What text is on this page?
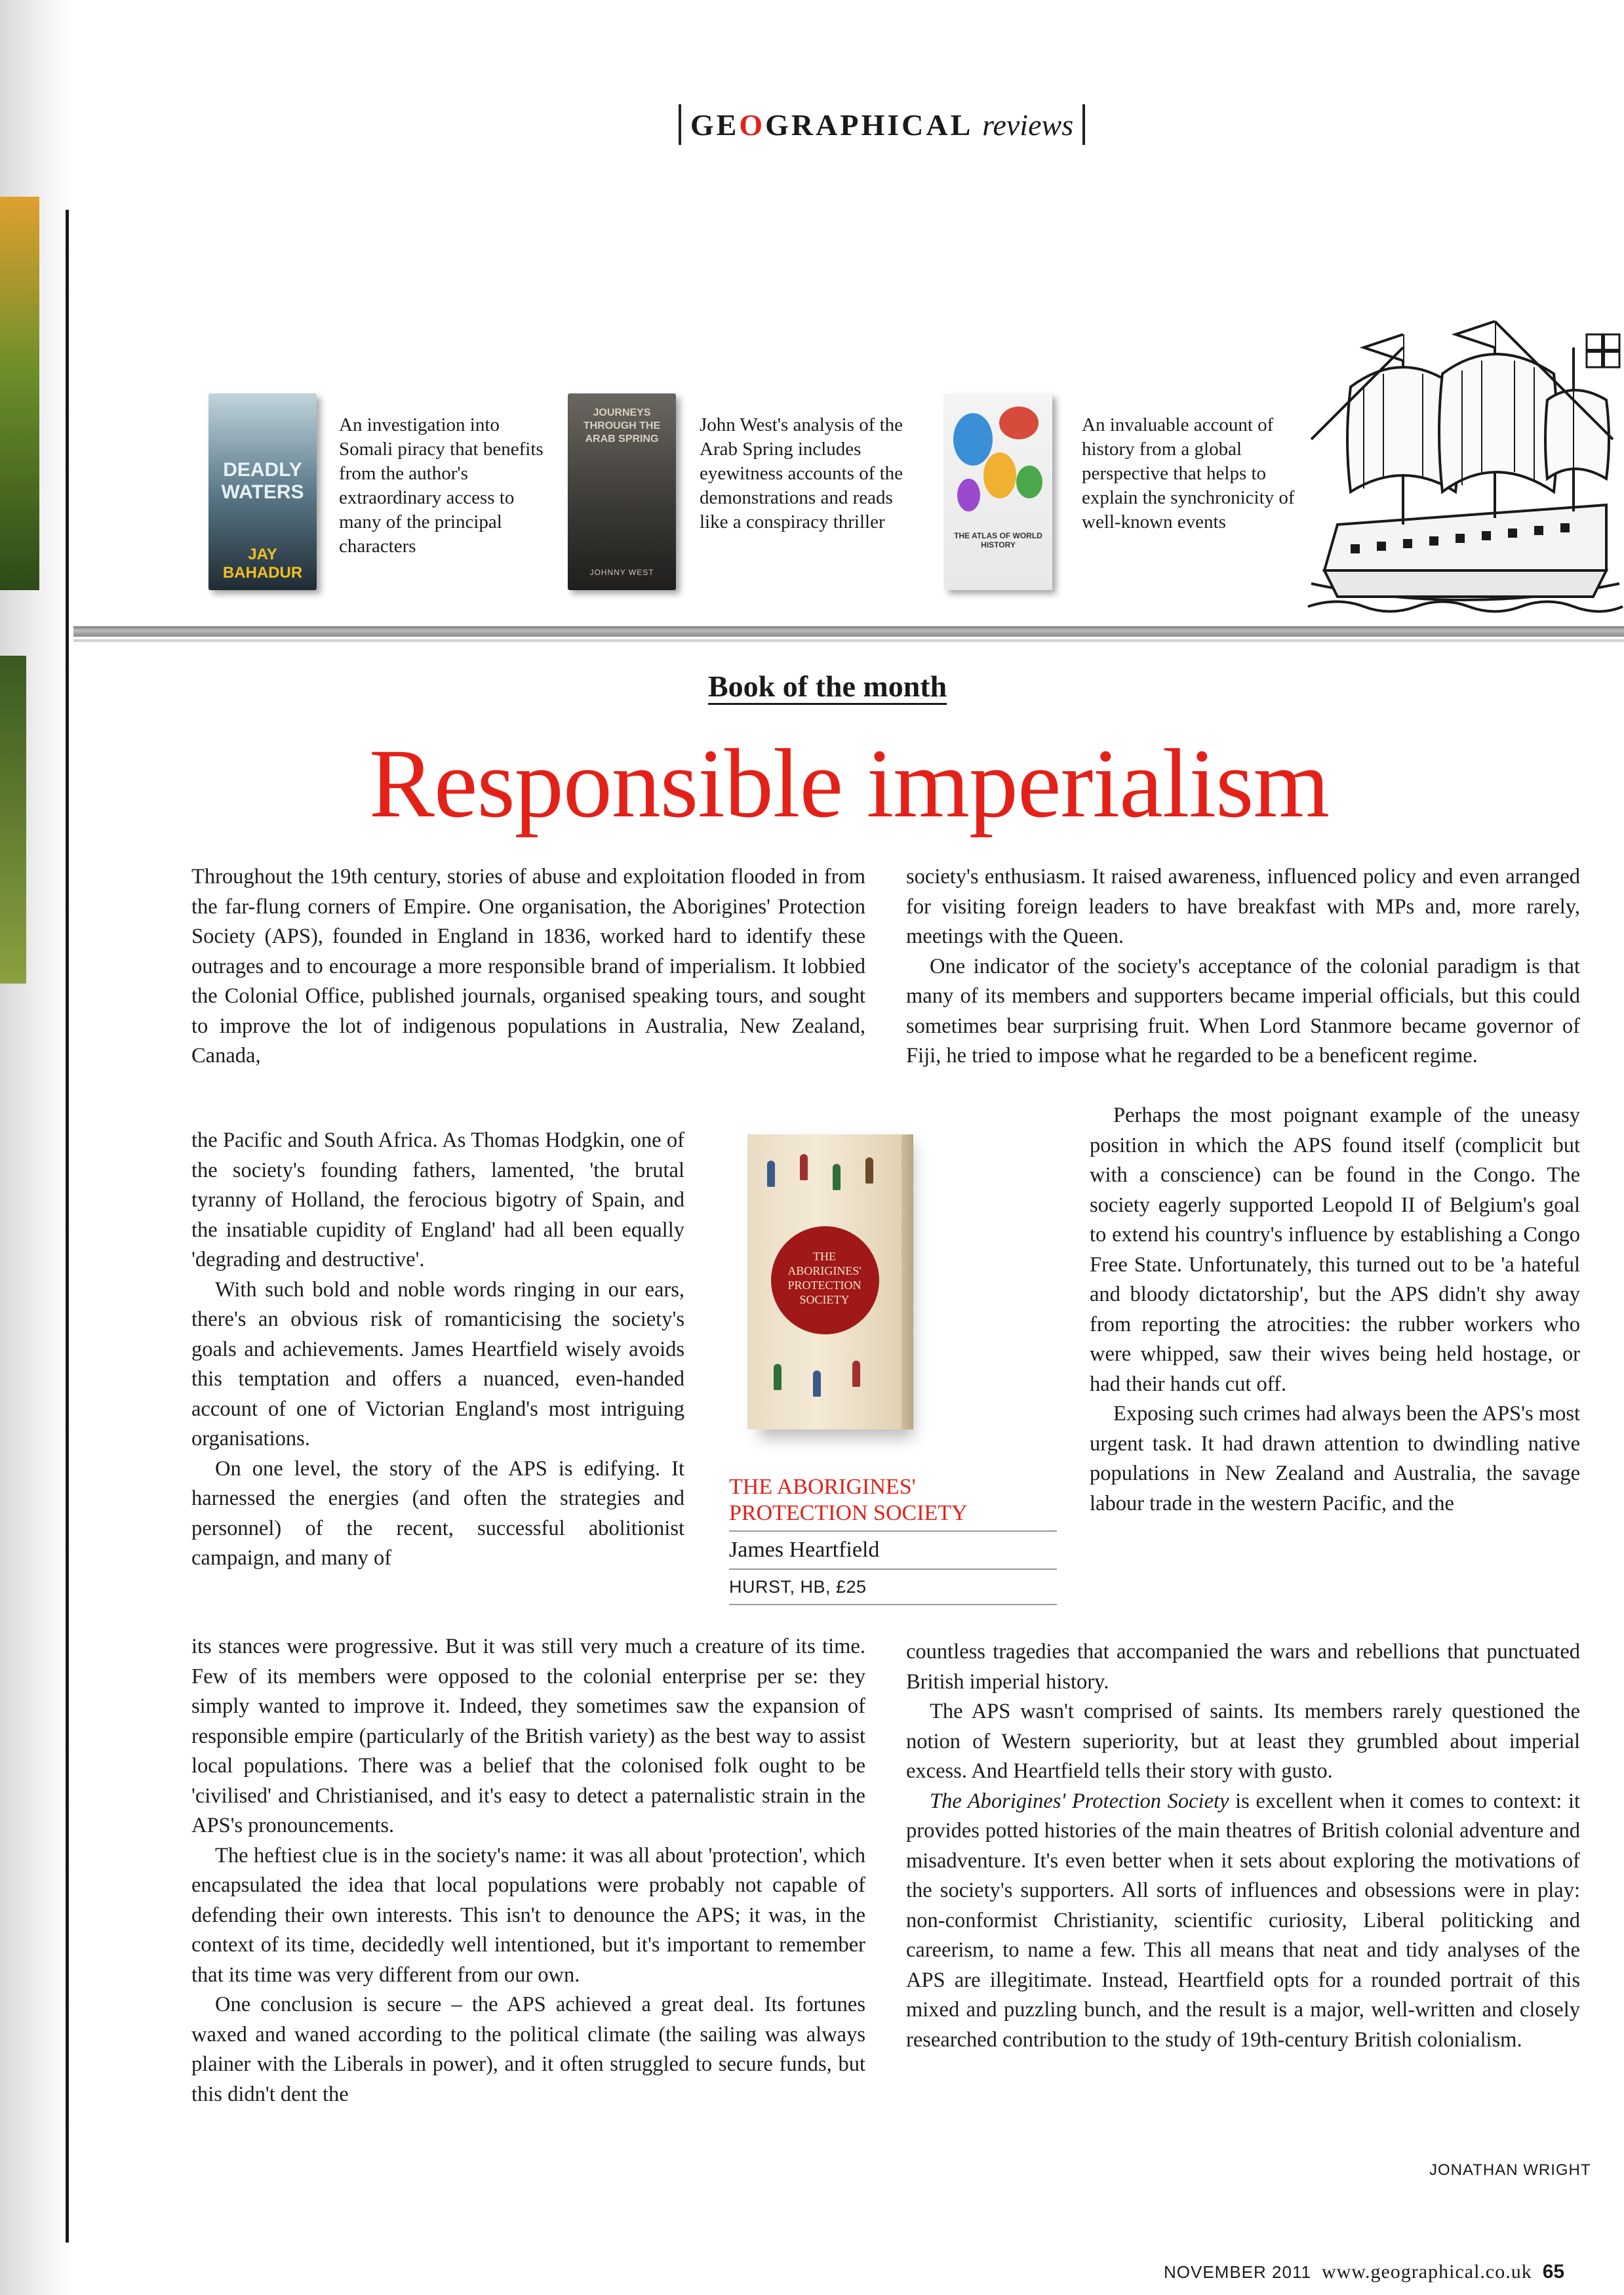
GEOGRAPHICAL reviews
DEADLY WATERS
JAY BAHADUR
An investigation into Somali piracy that benefits from the author's extraordinary access to many of the principal characters
JOURNEYS THROUGH THE ARAB SPRING
JOHNNY WEST
John West's analysis of the Arab Spring includes eyewitness accounts of the demonstrations and reads like a conspiracy thriller
THE ATLAS OF WORLD HISTORY
An invaluable account of history from a global perspective that helps to explain the synchronicity of well-known events
Book of the month
Responsible imperialism

Throughout the 19th century, stories of abuse and exploitation flooded in from the far-flung corners of Empire. One organisation, the Aborigines' Protection Society (APS), founded in England in 1836, worked hard to identify these outrages and to encourage a more responsible brand of imperialism. It lobbied the Colonial Office, published journals, organised speaking tours, and sought to improve the lot of indigenous populations in Australia, New Zealand, Canada,

the Pacific and South Africa. As Thomas Hodgkin, one of the society's founding fathers, lamented, 'the brutal tyranny of Holland, the ferocious bigotry of Spain, and the insatiable cupidity of England' had all been equally 'degrading and destructive'.

With such bold and noble words ringing in our ears, there's an obvious risk of romanticising the society's goals and achievements. James Heartfield wisely avoids this temptation and offers a nuanced, even-handed account of one of Victorian England's most intriguing organisations.

On one level, the story of the APS is edifying. It harnessed the energies (and often the strategies and personnel) of the recent, successful abolitionist campaign, and many of

its stances were progressive. But it was still very much a creature of its time. Few of its members were opposed to the colonial enterprise per se: they simply wanted to improve it. Indeed, they sometimes saw the expansion of responsible empire (particularly of the British variety) as the best way to assist local populations. There was a belief that the colonised folk ought to be 'civilised' and Christianised, and it's easy to detect a paternalistic strain in the APS's pronouncements.

The heftiest clue is in the society's name: it was all about 'protection', which encapsulated the idea that local populations were probably not capable of defending their own interests. This isn't to denounce the APS; it was, in the context of its time, decidedly well intentioned, but it's important to remember that its time was very different from our own.

One conclusion is secure – the APS achieved a great deal. Its fortunes waxed and waned according to the political climate (the sailing was always plainer with the Liberals in power), and it often struggled to secure funds, but this didn't dent the

THE ABORIGINES' PROTECTION SOCIETY

THE ABORIGINES'

PROTECTION SOCIETY

James Heartfield

HURST, HB, £25

society's enthusiasm. It raised awareness, influenced policy and even arranged for visiting foreign leaders to have breakfast with MPs and, more rarely, meetings with the Queen.

One indicator of the society's acceptance of the colonial paradigm is that many of its members and supporters became imperial officials, but this could sometimes bear surprising fruit. When Lord Stanmore became governor of Fiji, he tried to impose what he regarded to be a beneficent regime.

Perhaps the most poignant example of the uneasy position in which the APS found itself (complicit but with a conscience) can be found in the Congo. The society eagerly supported Leopold II of Belgium's goal to extend his country's influence by establishing a Congo Free State. Unfortunately, this turned out to be 'a hateful and bloody dictatorship', but the APS didn't shy away from reporting the atrocities: the rubber workers who were whipped, saw their wives being held hostage, or had their hands cut off.

Exposing such crimes had always been the APS's most urgent task. It had drawn attention to dwindling native populations in New Zealand and Australia, the savage labour trade in the western Pacific, and the

countless tragedies that accompanied the wars and rebellions that punctuated British imperial history.

The APS wasn't comprised of saints. Its members rarely questioned the notion of Western superiority, but at least they grumbled about imperial excess. And Heartfield tells their story with gusto.

The Aborigines' Protection Society is excellent when it comes to context: it provides potted histories of the main theatres of British colonial adventure and misadventure. It's even better when it sets about exploring the motivations of the society's supporters. All sorts of influences and obsessions were in play: non-conformist Christianity, scientific curiosity, Liberal politicking and careerism, to name a few. This all means that neat and tidy analyses of the APS are illegitimate. Instead, Heartfield opts for a rounded portrait of this mixed and puzzling bunch, and the result is a major, well-written and closely researched contribution to the study of 19th-century British colonialism.

JONATHAN WRIGHT
NOVEMBER 2011 www.geographical.co.uk 65
